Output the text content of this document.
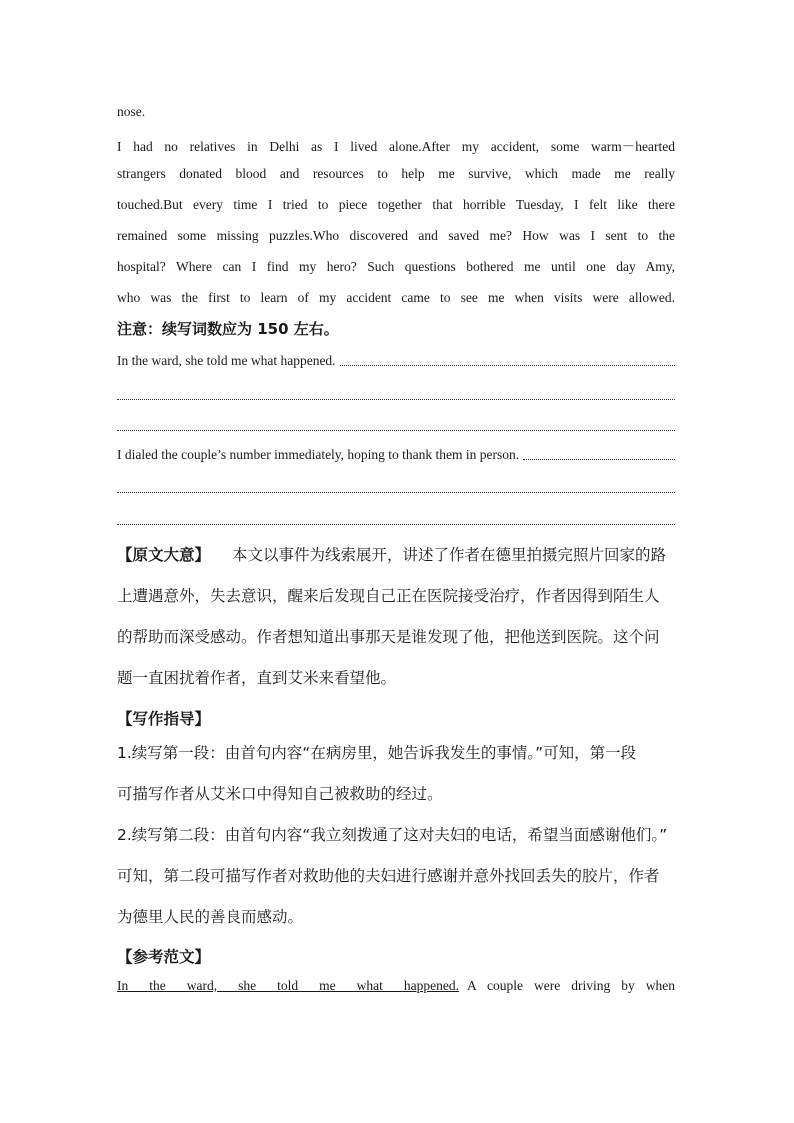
nose.
I had no relatives in Delhi as I lived alone.After my accident, some warm－hearted
strangers donated blood and resources to help me survive, which made me really
touched.But every time I tried to piece together that horrible Tuesday, I felt like there
remained some missing puzzles.Who discovered and saved me? How was I sent to the
hospital? Where can I find my hero? Such questions bothered me until one day Amy,
who was the first to learn of my accident came to see me when visits were allowed.
注意：续写词数应为 150 左右。
In the ward, she told me what happened.
I dialed the couple’s number immediately, hoping to thank them in person.
【原文大意】 本文以事件为线索展开，讲述了作者在德里拍摄完照片回家的路
上遭遇意外，失去意识，醒来后发现自己正在医院接受治疗，作者因得到陌生人
的帮助而深受感动。作者想知道出事那天是谁发现了他，把他送到医院。这个问
题一直困扰着作者，直到艾米来看望他。
【写作指导】
1.续写第一段：由首句内容“在病房里，她告诉我发生的事情。”可知，第一段
可描写作者从艾米口中得知自己被救助的经过。
2.续写第二段：由首句内容“我立刻拨通了这对夫妇的电话，希望当面感谢他们。”
可知，第二段可描写作者对救助他的夫妇进行感谢并意外找回丢失的胶片，作者
为德里人民的善良而感动。
【参考范文】
In the ward, she told me what happened. A couple were driving by when
